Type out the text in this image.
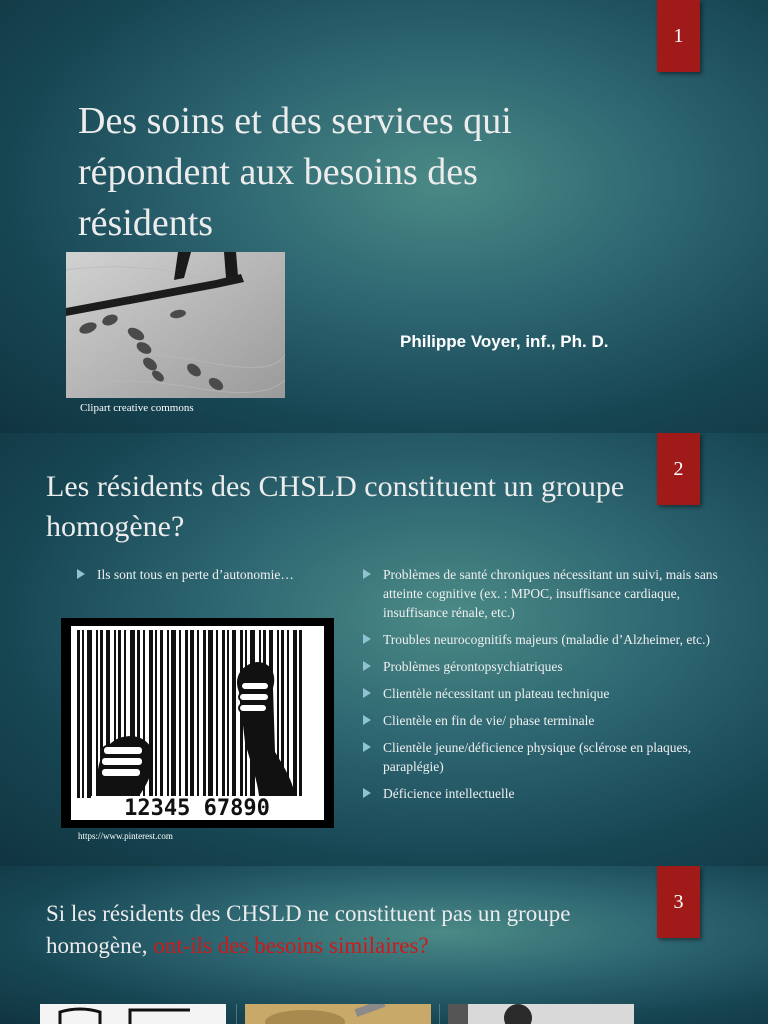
1
Des soins et des services qui répondent aux besoins des résidents
Clipart creative commons
Philippe Voyer, inf., Ph. D.
2
Les résidents des CHSLD constituent un groupe homogène?
Ils sont tous en perte d’autonomie…
12345 67890
https://www.pinterest.com
Problèmes de santé chroniques nécessitant un suivi, mais sans atteinte cognitive (ex. : MPOC, insuffisance cardiaque, insuffisance rénale, etc.)
Troubles neurocognitifs majeurs (maladie d’Alzheimer, etc.)
Problèmes gérontopsychiatriques
Clientèle nécessitant un plateau technique
Clientèle en fin de vie/ phase terminale
Clientèle jeune/déficience physique (sclérose en plaques, paraplégie)
Déficience intellectuelle
3
Si les résidents des CHSLD ne constituent pas un groupe homogène, ont-ils des besoins similaires?
